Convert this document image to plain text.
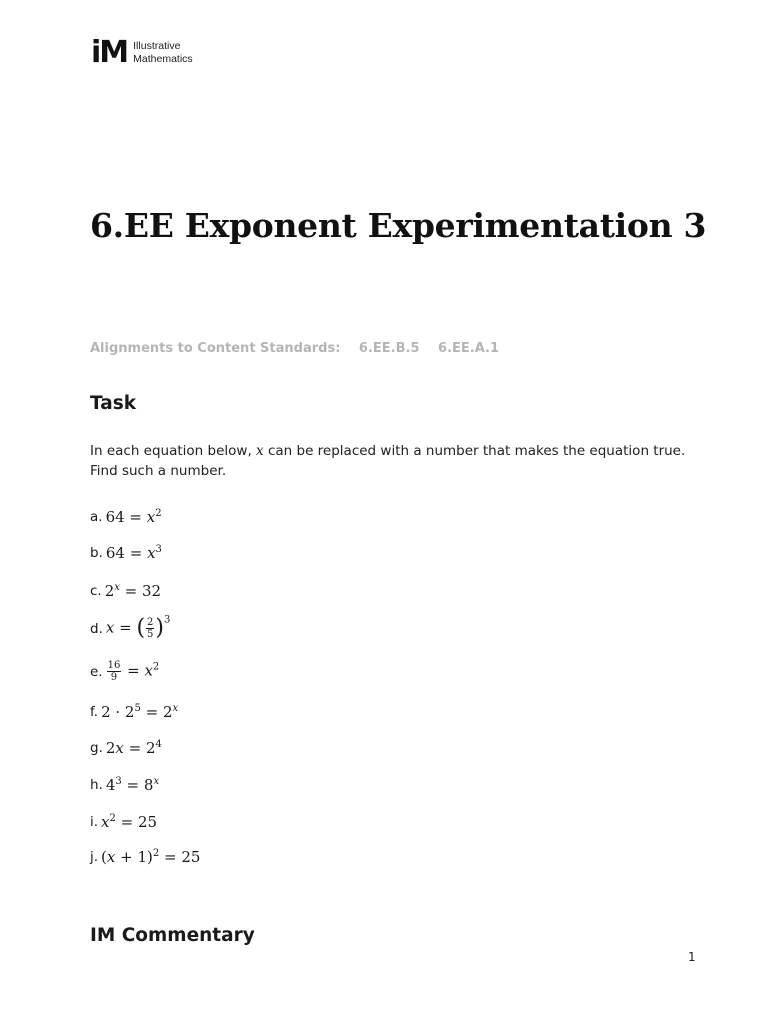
iM Illustrative
Mathematics
6.EE Exponent Experimentation 3
Alignments to Content Standards: 6.EE.B.5 6.EE.A.1
Task
In each equation below, x can be replaced with a number that makes the equation true. Find such a number.
a. $64 = x^2$
b. $64 = x^3$
c. $2^x = 32$
d. x = ( $\frac{2}{5} )^3$
e. $\frac{16}{9} = x^2$
f. $2 \cdot 2^5 = 2^x$
g. $2x = 2^4$
h. $4^3 = 8^x$
i. $x^2 = 25$
j. $(x + 1)^2 = 25$
IM Commentary
1
